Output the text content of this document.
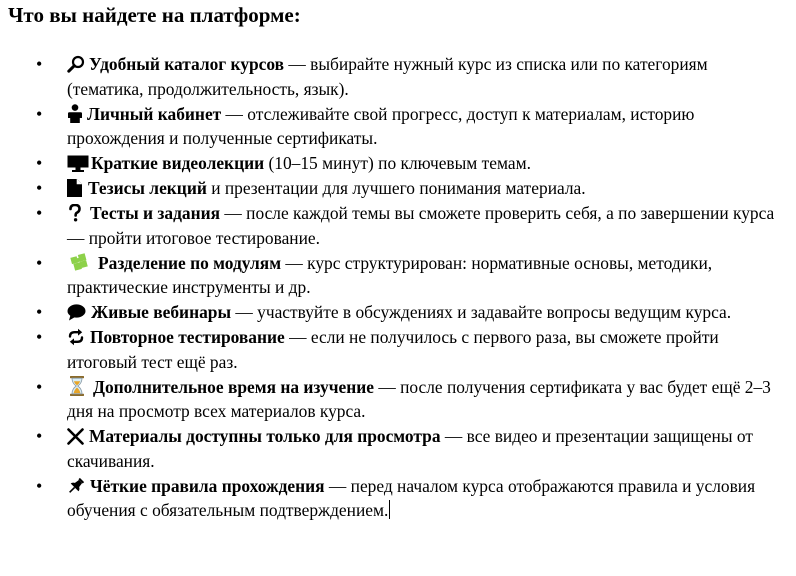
Что вы найдете на платформе:
•	Удобный каталог курсов — выбирайте нужный курс из списка или по категориям (тематика, продолжительность, язык).
•	Личный кабинет — отслеживайте свой прогресс, доступ к материалам, историю прохождения и полученные сертификаты.
•	Краткие видеолекции (10–15 минут) по ключевым темам.
•	Тезисы лекций и презентации для лучшего понимания материала.
•	Тесты и задания — после каждой темы вы сможете проверить себя, а по завершении курса — пройти итоговое тестирование.
•	Разделение по модулям — курс структурирован: нормативные основы, методики, практические инструменты и др.
•	Живые вебинары — участвуйте в обсуждениях и задавайте вопросы ведущим курса.
•	Повторное тестирование — если не получилось с первого раза, вы сможете пройти итоговый тест ещё раз.
•	Дополнительное время на изучение — после получения сертификата у вас будет ещё 2–3 дня на просмотр всех материалов курса.
•	Материалы доступны только для просмотра — все видео и презентации защищены от скачивания.
•	Чёткие правила прохождения — перед началом курса отображаются правила и условия обучения с обязательным подтверждением.
